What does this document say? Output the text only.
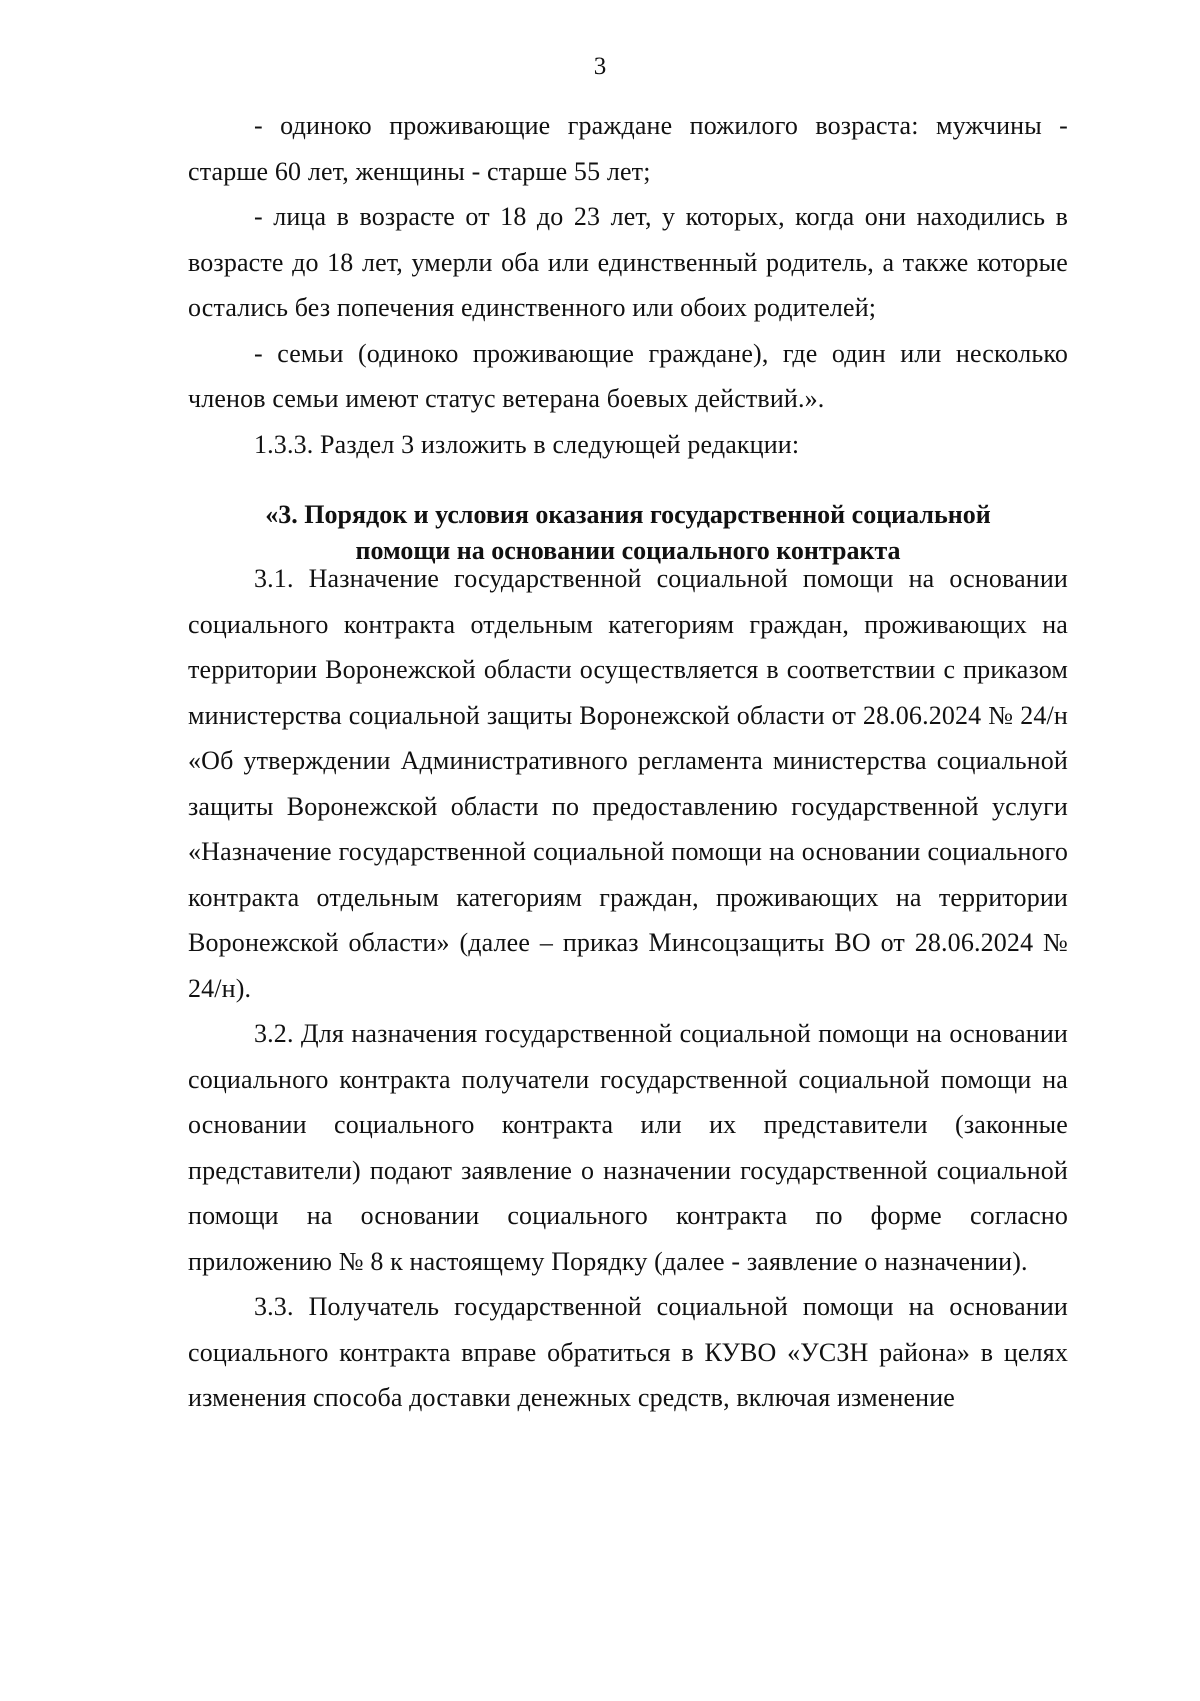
3

- одиноко проживающие граждане пожилого возраста: мужчины - старше 60 лет, женщины - старше 55 лет;

- лица в возрасте от 18 до 23 лет, у которых, когда они находились в возрасте до 18 лет, умерли оба или единственный родитель, а также которые остались без попечения единственного или обоих родителей;

- семьи (одиноко проживающие граждане), где один или несколько членов семьи имеют статус ветерана боевых действий.».

1.3.3. Раздел 3 изложить в следующей редакции:

«3. Порядок и условия оказания государственной социальной
помощи на основании социального контракта

3.1. Назначение государственной социальной помощи на основании социального контракта отдельным категориям граждан, проживающих на территории Воронежской области осуществляется в соответствии с приказом министерства социальной защиты Воронежской области от 28.06.2024 № 24/н «Об утверждении Административного регламента министерства социальной защиты Воронежской области по предоставлению государственной услуги «Назначение государственной социальной помощи на основании социального контракта отдельным категориям граждан, проживающих на территории Воронежской области» (далее – приказ Минсоцзащиты ВО от 28.06.2024 № 24/н).

3.2. Для назначения государственной социальной помощи на основании социального контракта получатели государственной социальной помощи на основании социального контракта или их представители (законные представители) подают заявление о назначении государственной социальной помощи на основании социального контракта по форме согласно приложению № 8 к настоящему Порядку (далее - заявление о назначении).

3.3. Получатель государственной социальной помощи на основании социального контракта вправе обратиться в КУВО «УСЗН района» в целях изменения способа доставки денежных средств, включая изменение
